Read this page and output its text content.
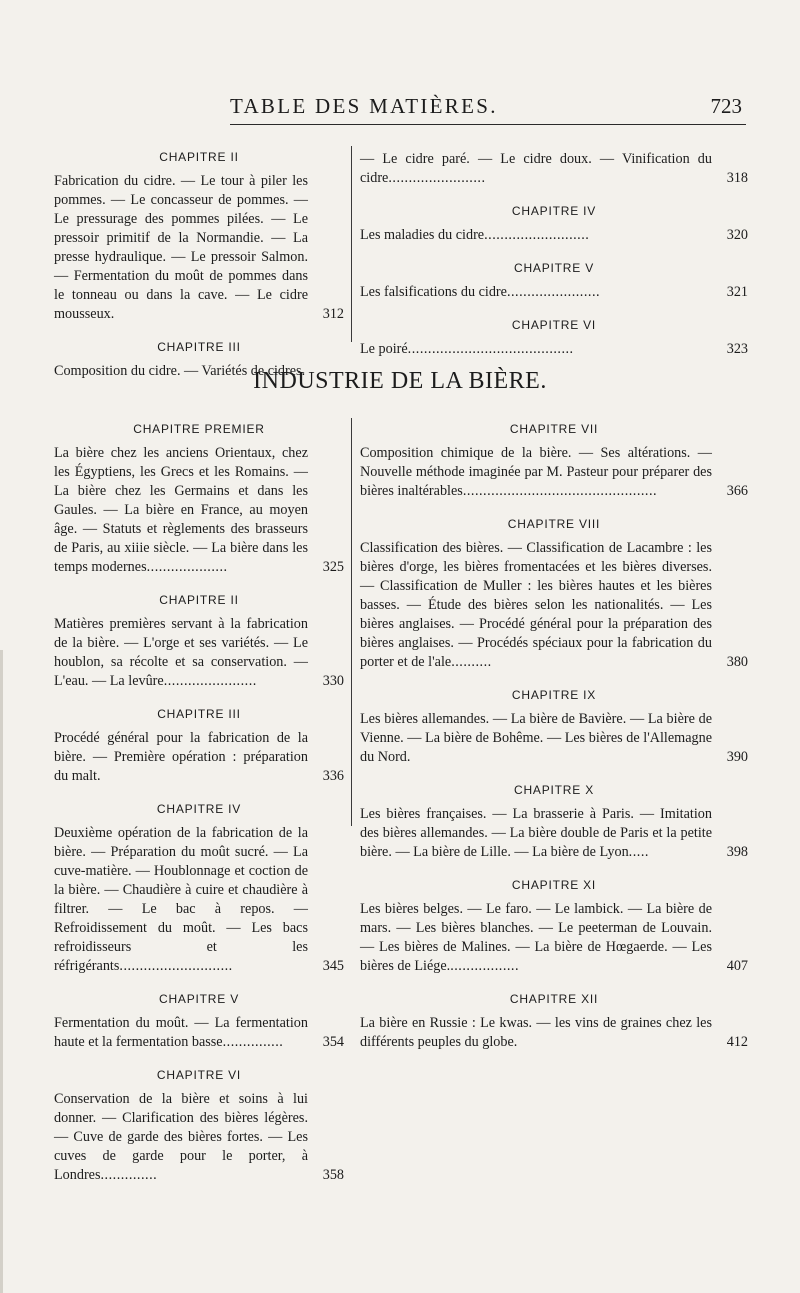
TABLE DES MATIÈRES.	723
CHAPITRE II
Fabrication du cidre. — Le tour à piler les pommes. — Le concasseur de pommes. — Le pressurage des pommes pilées. — Le pressoir primitif de la Normandie. — La presse hydraulique. — Le pressoir Salmon. — Fermentation du moût de pommes dans le tonneau ou dans la cave. — Le cidre mousseux.	312
CHAPITRE III
Composition du cidre. — Variétés de cidres.
— Le cidre paré. — Le cidre doux. — Vinification du cidre........................	318
CHAPITRE IV
Les maladies du cidre..........................	320
CHAPITRE V
Les falsifications du cidre.......................	321
CHAPITRE VI
Le poiré.........................................	323
INDUSTRIE DE LA BIÈRE.
CHAPITRE PREMIER
La bière chez les anciens Orientaux, chez les Égyptiens, les Grecs et les Romains. — La bière chez les Germains et dans les Gaules. — La bière en France, au moyen âge. — Statuts et règlements des brasseurs de Paris, au xiiie siècle. — La bière dans les temps modernes....................	325
CHAPITRE II
Matières premières servant à la fabrication de la bière. — L'orge et ses variétés. — Le houblon, sa récolte et sa conservation. — L'eau. — La levûre.......................	330
CHAPITRE III
Procédé général pour la fabrication de la bière. — Première opération : préparation du malt.	336
CHAPITRE IV
Deuxième opération de la fabrication de la bière. — Préparation du moût sucré. — La cuve-matière. — Houblonnage et coction de la bière. — Chaudière à cuire et chaudière à filtrer. — Le bac à repos. — Refroidissement du moût. — Les bacs refroidisseurs et les réfrigérants............................	345
CHAPITRE V
Fermentation du moût. — La fermentation haute et la fermentation basse...............	354
CHAPITRE VI
Conservation de la bière et soins à lui donner. — Clarification des bières légères. — Cuve de garde des bières fortes. — Les cuves de garde pour le porter, à Londres..............	358
CHAPITRE VII
Composition chimique de la bière. — Ses altérations. — Nouvelle méthode imaginée par M. Pasteur pour préparer des bières inaltérables................................................	366
CHAPITRE VIII
Classification des bières. — Classification de Lacambre : les bières d'orge, les bières fromentacées et les bières diverses. — Classification de Muller : les bières hautes et les bières basses. — Étude des bières selon les nationalités. — Les bières anglaises. — Procédé général pour la préparation des bières anglaises. — Procédés spéciaux pour la fabrication du porter et de l'ale..........	380
CHAPITRE IX
Les bières allemandes. — La bière de Bavière. — La bière de Vienne. — La bière de Bohême. — Les bières de l'Allemagne du Nord.	390
CHAPITRE X
Les bières françaises. — La brasserie à Paris. — Imitation des bières allemandes. — La bière double de Paris et la petite bière. — La bière de Lille. — La bière de Lyon.....	398
CHAPITRE XI
Les bières belges. — Le faro. — Le lambick. — La bière de mars. — Les bières blanches. — Le peeterman de Louvain. — Les bières de Malines. — La bière de Hœgaerde. — Les bières de Liége..................	407
CHAPITRE XII
La bière en Russie : Le kwas. — les vins de graines chez les différents peuples du globe.	412
